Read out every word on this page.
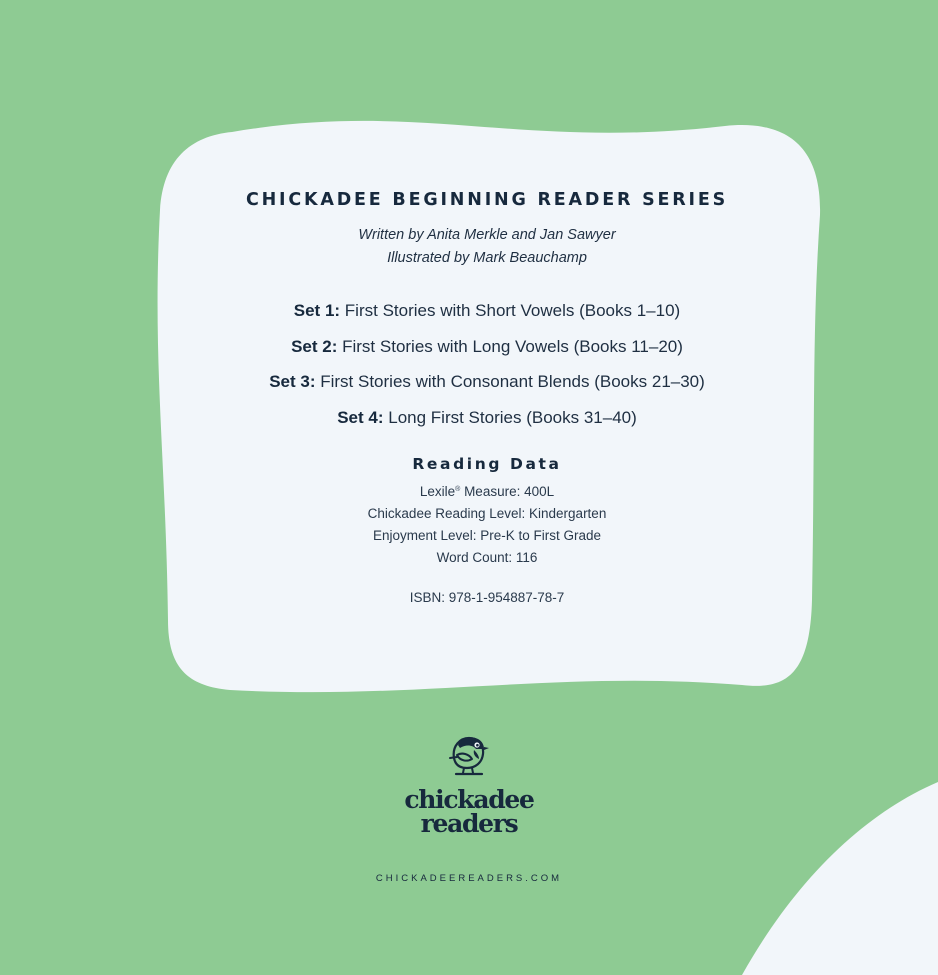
CHICKADEE BEGINNING READER SERIES
Written by Anita Merkle and Jan Sawyer
Illustrated by Mark Beauchamp
Set 1: First Stories with Short Vowels (Books 1–10)
Set 2: First Stories with Long Vowels (Books 11–20)
Set 3: First Stories with Consonant Blends (Books 21–30)
Set 4: Long First Stories (Books 31–40)
Reading Data
Lexile® Measure: 400L
Chickadee Reading Level: Kindergarten
Enjoyment Level: Pre-K to First Grade
Word Count: 116
ISBN: 978-1-954887-78-7
chickadee
readers
CHICKADEEREADERS.COM
